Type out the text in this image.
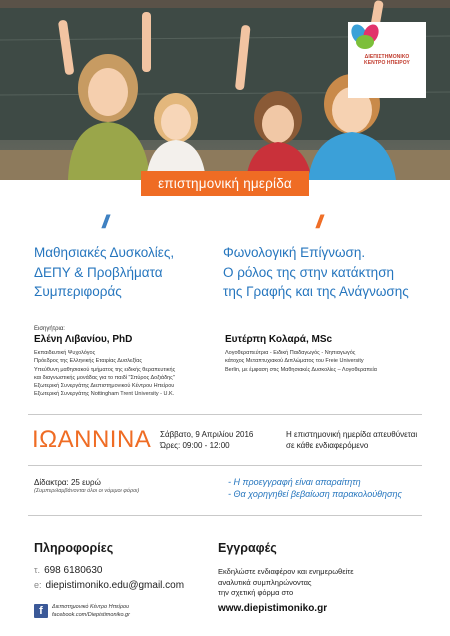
ΔΙΕΠΙΣΤΗΜΟΝΙΚΟ
ΚΕΝΤΡΟ ΗΠΕΙΡΟΥ
επιστημονική ημερίδα
//
//
Μαθησιακές Δυσκολίες,
ΔΕΠΥ & Προβλήματα
Συμπεριφοράς
Φωνολογική Επίγνωση.
Ο ρόλος της στην κατάκτηση
της Γραφής και της Ανάγνωσης
Εισηγήτρια:
Ελένη Λιβανίου, PhD	Ευτέρπη Κολαρά, MSc
Εκπαιδευτική Ψυχολόγος
Πρόεδρος της Ελληνικής Εταιρίας Δυσλεξίας
Υπεύθυνη μαθησιακού τμήματος της ειδικής θεραπευτικής
και διαγνωστικής μονάδας για το παιδί "Σπύρος Δοξιάδης"
Εξωτερική Συνεργάτης Διεπιστημονικού Κέντρου Ηπείρου
Εξωτερική Συνεργάτης Nottingham Trent University - U.K.
Λογοθεραπεύτρια - Ειδική Παιδαγωγός - Νηπιαγωγός
κάτοχος Μεταπτυχιακού Διπλώματος του Freie University
Berlin, με έμφαση στις Μαθησιακές Δυσκολίες – Λογοθεραπεία
ΙΩΑΝΝΙΝΑ Σάββατο, 9 Απριλίου 2016
Ώρες: 09:00 - 12:00
Η επιστημονική ημερίδα απευθύνεται
σε κάθε ενδιαφερόμενο
Δίδακτρα: 25 ευρώ
(Συμπεριλαμβάνονται όλοι οι νόμιμοι φόροι)
- Η προεγγραφή είναι απαραίτητη
- Θα χορηγηθεί βεβαίωση παρακολούθησης
Πληροφορίες
τ. 698 6180630
e: diepistimoniko.edu@gmail.com
f	Διεπιστημονικό Κέντρο Ηπείρου
facebook.com/Diepistimoniko.gr
Εγγραφές
Εκδηλώστε ενδιαφέρον και ενημερωθείτε
αναλυτικά συμπληρώνοντας
την σχετική φόρμα στο
www.diepistimoniko.gr
